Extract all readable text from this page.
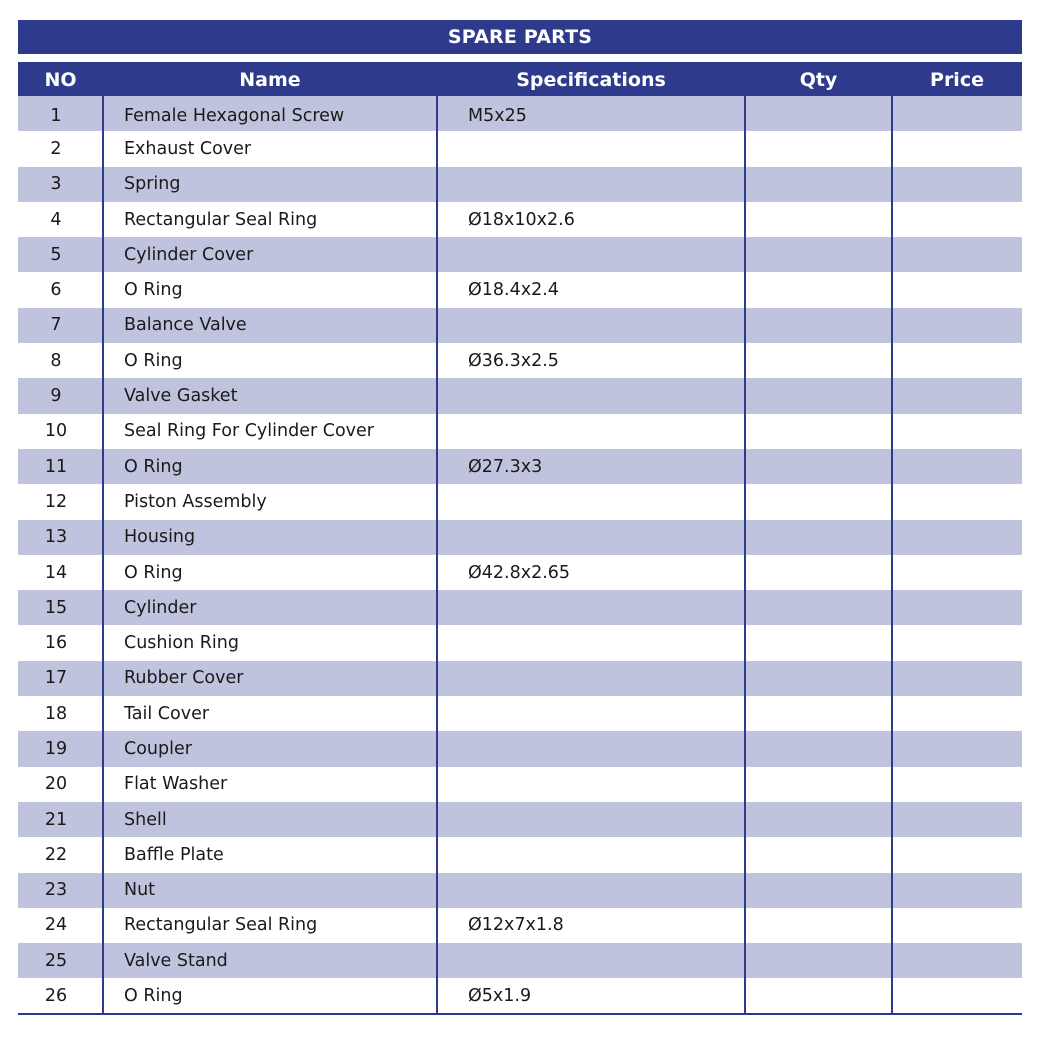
SPARE PARTS
NO	Name	Specifications	Qty	Price
1	Female Hexagonal Screw	M5x25		
2	Exhaust Cover			
3	Spring			
4	Rectangular Seal Ring	Ø18x10x2.6		
5	Cylinder Cover			
6	O Ring	Ø18.4x2.4		
7	Balance Valve			
8	O Ring	Ø36.3x2.5		
9	Valve Gasket			
10	Seal Ring For Cylinder Cover			
11	O Ring	Ø27.3x3		
12	Piston Assembly			
13	Housing			
14	O Ring	Ø42.8x2.65		
15	Cylinder			
16	Cushion Ring			
17	Rubber Cover			
18	Tail Cover			
19	Coupler			
20	Flat Washer			
21	Shell			
22	Baffle Plate			
23	Nut			
24	Rectangular Seal Ring	Ø12x7x1.8		
25	Valve Stand			
26	O Ring	Ø5x1.9		
